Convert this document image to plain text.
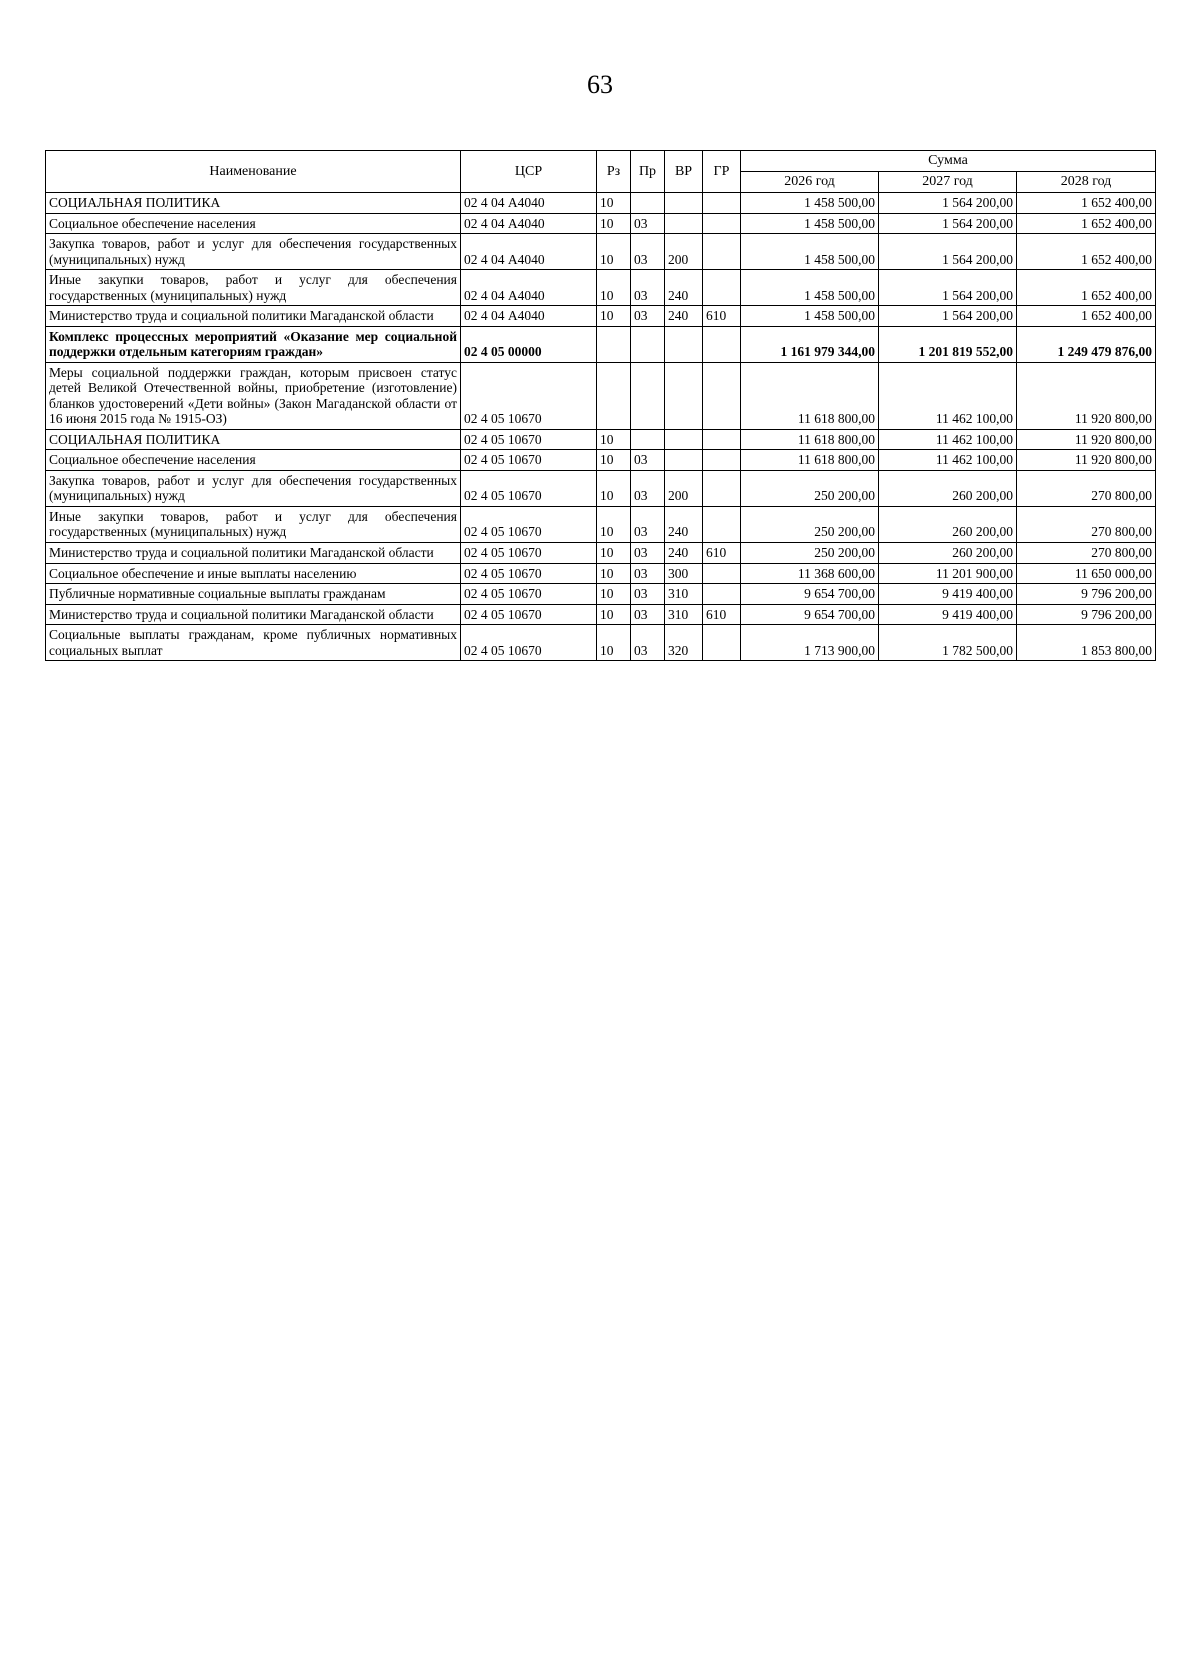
63
Наименование	ЦСР	Рз	Пр	ВР	ГР	Сумма		
						2026 год	2027 год	2028 год
СОЦИАЛЬНАЯ ПОЛИТИКА	02 4 04 А4040	10				1 458 500,00	1 564 200,00	1 652 400,00
Социальное обеспечение населения	02 4 04 А4040	10	03			1 458 500,00	1 564 200,00	1 652 400,00
Закупка товаров, работ и услуг для обеспечения государственных (муниципальных) нужд	02 4 04 А4040	10	03	200		1 458 500,00	1 564 200,00	1 652 400,00
Иные закупки товаров, работ и услуг для обеспечения государственных (муниципальных) нужд	02 4 04 А4040	10	03	240		1 458 500,00	1 564 200,00	1 652 400,00
Министерство труда и социальной политики Магаданской области	02 4 04 А4040	10	03	240	610	1 458 500,00	1 564 200,00	1 652 400,00
Комплекс процессных мероприятий «Оказание мер социальной поддержки отдельным категориям граждан»	02 4 05 00000					1 161 979 344,00	1 201 819 552,00	1 249 479 876,00
Меры социальной поддержки граждан, которым присвоен статус детей Великой Отечественной войны, приобретение (изготовление) бланков удостоверений «Дети войны» (Закон Магаданской области от 16 июня 2015 года № 1915-ОЗ)	02 4 05 10670					11 618 800,00	11 462 100,00	11 920 800,00
СОЦИАЛЬНАЯ ПОЛИТИКА	02 4 05 10670	10				11 618 800,00	11 462 100,00	11 920 800,00
Социальное обеспечение населения	02 4 05 10670	10	03			11 618 800,00	11 462 100,00	11 920 800,00
Закупка товаров, работ и услуг для обеспечения государственных (муниципальных) нужд	02 4 05 10670	10	03	200		250 200,00	260 200,00	270 800,00
Иные закупки товаров, работ и услуг для обеспечения государственных (муниципальных) нужд	02 4 05 10670	10	03	240		250 200,00	260 200,00	270 800,00
Министерство труда и социальной политики Магаданской области	02 4 05 10670	10	03	240	610	250 200,00	260 200,00	270 800,00
Социальное обеспечение и иные выплаты населению	02 4 05 10670	10	03	300		11 368 600,00	11 201 900,00	11 650 000,00
Публичные нормативные социальные выплаты гражданам	02 4 05 10670	10	03	310		9 654 700,00	9 419 400,00	9 796 200,00
Министерство труда и социальной политики Магаданской области	02 4 05 10670	10	03	310	610	9 654 700,00	9 419 400,00	9 796 200,00
Социальные выплаты гражданам, кроме публичных нормативных социальных выплат	02 4 05 10670	10	03	320		1 713 900,00	1 782 500,00	1 853 800,00
